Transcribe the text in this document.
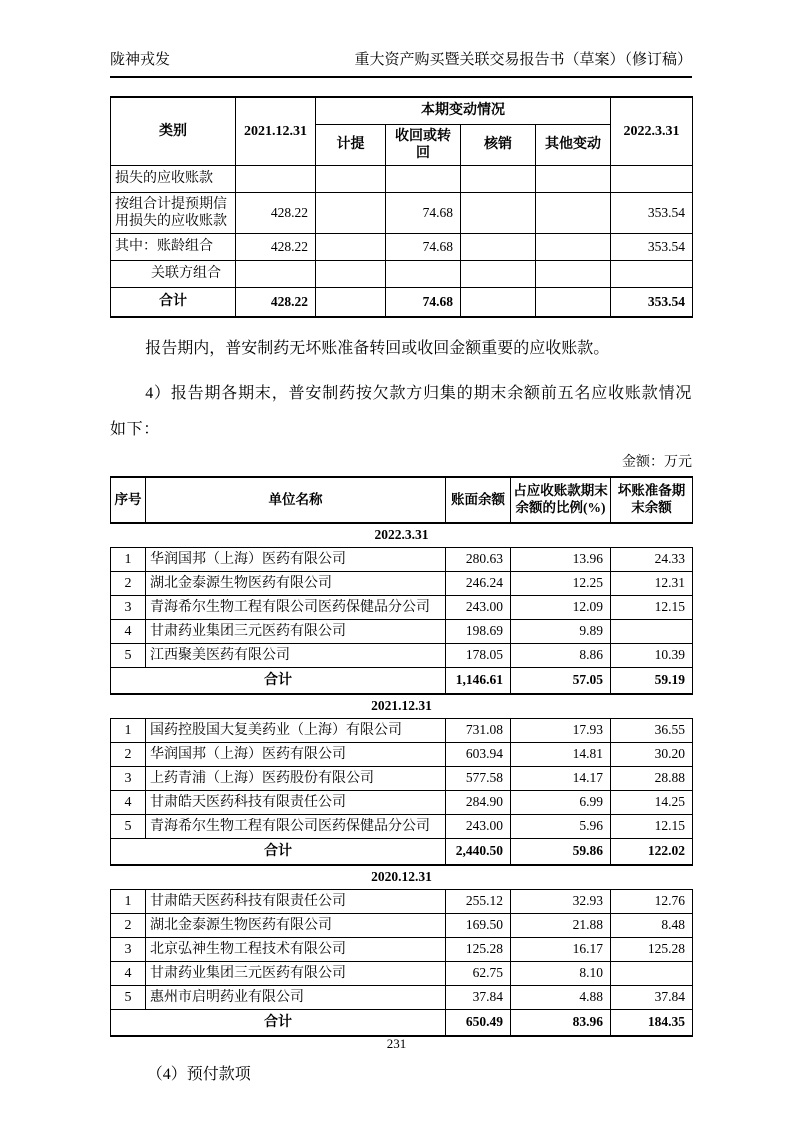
陇神戎发	重大资产购买暨关联交易报告书（草案）（修订稿）
类别	2021.12.31	本期变动情况				2022.3.31
		计提	收回或转回	核销	其他变动	
损失的应收账款						
按组合计提预期信用损失的应收账款	428.22		74.68			353.54
其中：账龄组合	428.22		74.68			353.54
关联方组合						
合计	428.22		74.68			353.54

报告期内，普安制药无坏账准备转回或收回金额重要的应收账款。

4）报告期各期末，普安制药按欠款方归集的期末余额前五名应收账款情况如下：

金额：万元
序号	单位名称	账面余额	占应收账款期末余额的比例(%)	坏账准备期末余额
2022.3.31				
1	华润国邦（上海）医药有限公司	280.63	13.96	24.33
2	湖北金泰源生物医药有限公司	246.24	12.25	12.31
3	青海希尔生物工程有限公司医药保健品分公司	243.00	12.09	12.15
4	甘肃药业集团三元医药有限公司	198.69	9.89	
5	江西聚美医药有限公司	178.05	8.86	10.39
合计		1,146.61	57.05	59.19
2021.12.31				
1	国药控股国大复美药业（上海）有限公司	731.08	17.93	36.55
2	华润国邦（上海）医药有限公司	603.94	14.81	30.20
3	上药青浦（上海）医药股份有限公司	577.58	14.17	28.88
4	甘肃皓天医药科技有限责任公司	284.90	6.99	14.25
5	青海希尔生物工程有限公司医药保健品分公司	243.00	5.96	12.15
合计		2,440.50	59.86	122.02
2020.12.31				
1	甘肃皓天医药科技有限责任公司	255.12	32.93	12.76
2	湖北金泰源生物医药有限公司	169.50	21.88	8.48
3	北京弘神生物工程技术有限公司	125.28	16.17	125.28
4	甘肃药业集团三元医药有限公司	62.75	8.10	
5	惠州市启明药业有限公司	37.84	4.88	37.84
合计		650.49	83.96	184.35

（4）预付款项

231
